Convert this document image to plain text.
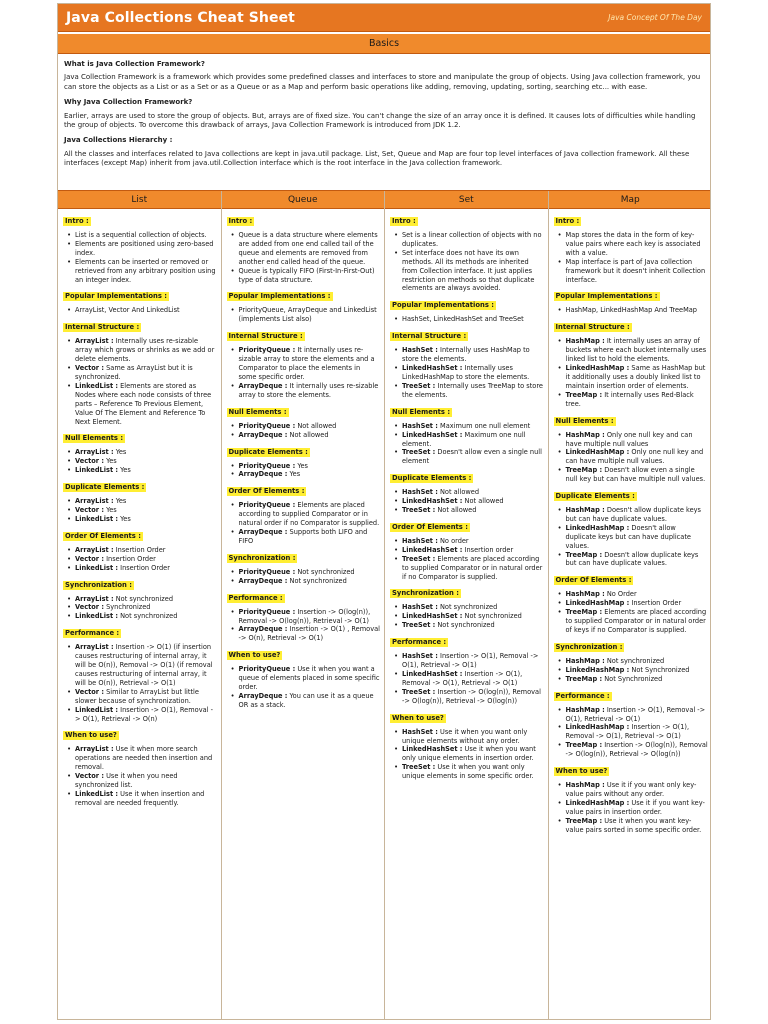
Java Collections Cheat Sheet	Java Concept Of The Day
Basics
What is Java Collection Framework?

Java Collection Framework is a framework which provides some predefined classes and interfaces to store and manipulate the group of objects. Using Java collection framework, you can store the objects as a List or as a Set or as a Queue or as a Map and perform basic operations like adding, removing, updating, sorting, searching etc... with ease.

Why Java Collection Framework?

Earlier, arrays are used to store the group of objects. But, arrays are of fixed size. You can't change the size of an array once it is defined. It causes lots of difficulties while handling the group of objects. To overcome this drawback of arrays, Java Collection Framework is introduced from JDK 1.2.

Java Collections Hierarchy :

All the classes and interfaces related to Java collections are kept in java.util package. List, Set, Queue and Map are four top level interfaces of Java collection framework. All these interfaces (except Map) inherit from java.util.Collection interface which is the root interface in the Java collection framework.

List
Intro :
• List is a sequential collection of objects.
• Elements are positioned using zero-based index.
• Elements can be inserted or removed or retrieved from any arbitrary position using an integer index.
Popular Implementations :
• ArrayList, Vector And LinkedList
Internal Structure :
• ArrayList : Internally uses re-sizable array which grows or shrinks as we add or delete elements.
• Vector : Same as ArrayList but it is synchronized.
• LinkedList : Elements are stored as Nodes where each node consists of three parts – Reference To Previous Element, Value Of The Element and Reference To Next Element.
Null Elements :
• ArrayList : Yes
• Vector : Yes
• LinkedList : Yes
Duplicate Elements :
• ArrayList : Yes
• Vector : Yes
• LinkedList : Yes
Order Of Elements :
• ArrayList : Insertion Order
• Vector : Insertion Order
• LinkedList : Insertion Order
Synchronization :
• ArrayList : Not synchronized
• Vector : Synchronized
• LinkedList : Not synchronized
Performance :
• ArrayList : Insertion -> O(1) (if insertion causes restructuring of internal array, it will be O(n)), Removal -> O(1) (if removal causes restructuring of internal array, it will be O(n)), Retrieval -> O(1)
• Vector : Similar to ArrayList but little slower because of synchronization.
• LinkedList : Insertion -> O(1), Removal -> O(1), Retrieval -> O(n)
When to use?
• ArrayList : Use it when more search operations are needed then insertion and removal.
• Vector : Use it when you need synchronized list.
• LinkedList : Use it when insertion and removal are needed frequently.
Queue
Intro :
• Queue is a data structure where elements are added from one end called tail of the queue and elements are removed from another end called head of the queue.
• Queue is typically FIFO (First-In-First-Out) type of data structure.
Popular Implementations :
• PriorityQueue, ArrayDeque and LinkedList (implements List also)
Internal Structure :
• PriorityQueue : It internally uses re-sizable array to store the elements and a Comparator to place the elements in some specific order.
• ArrayDeque : It internally uses re-sizable array to store the elements.
Null Elements :
• PriorityQueue : Not allowed
• ArrayDeque : Not allowed
Duplicate Elements :
• PriorityQueue : Yes
• ArrayDeque : Yes
Order Of Elements :
• PriorityQueue : Elements are placed according to supplied Comparator or in natural order if no Comparator is supplied.
• ArrayDeque : Supports both LIFO and FIFO
Synchronization :
• PriorityQueue : Not synchronized
• ArrayDeque : Not synchronized
Performance :
• PriorityQueue : Insertion -> O(log(n)), Removal -> O(log(n)), Retrieval -> O(1)
• ArrayDeque : Insertion -> O(1) , Removal -> O(n), Retrieval -> O(1)
When to use?
• PriorityQueue : Use it when you want a queue of elements placed in some specific order.
• ArrayDeque : You can use it as a queue OR as a stack.
Set
Intro :
• Set is a linear collection of objects with no duplicates.
• Set interface does not have its own methods. All its methods are inherited from Collection interface. It just applies restriction on methods so that duplicate elements are always avoided.
Popular Implementations :
• HashSet, LinkedHashSet and TreeSet
Internal Structure :
• HashSet : Internally uses HashMap to store the elements.
• LinkedHashSet : Internally uses LinkedHashMap to store the elements.
• TreeSet : Internally uses TreeMap to store the elements.
Null Elements :
• HashSet : Maximum one null element
• LinkedHashSet : Maximum one null element.
• TreeSet : Doesn't allow even a single null element
Duplicate Elements :
• HashSet : Not allowed
• LinkedHashSet : Not allowed
• TreeSet : Not allowed
Order Of Elements :
• HashSet : No order
• LinkedHashSet : Insertion order
• TreeSet : Elements are placed according to supplied Comparator or in natural order if no Comparator is supplied.
Synchronization :
• HashSet : Not synchronized
• LinkedHashSet : Not synchronized
• TreeSet : Not synchronized
Performance :
• HashSet : Insertion -> O(1), Removal -> O(1), Retrieval -> O(1)
• LinkedHashSet : Insertion -> O(1), Removal -> O(1), Retrieval -> O(1)
• TreeSet : Insertion -> O(log(n)), Removal -> O(log(n)), Retrieval -> O(log(n))
When to use?
• HashSet : Use it when you want only unique elements without any order.
• LinkedHashSet : Use it when you want only unique elements in insertion order.
• TreeSet : Use it when you want only unique elements in some specific order.
Map
Intro :
• Map stores the data in the form of key-value pairs where each key is associated with a value.
• Map interface is part of Java collection framework but it doesn't inherit Collection interface.
Popular Implementations :
• HashMap, LinkedHashMap And TreeMap
Internal Structure :
• HashMap : It internally uses an array of buckets where each bucket internally uses linked list to hold the elements.
• LinkedHashMap : Same as HashMap but it additionally uses a doubly linked list to maintain insertion order of elements.
• TreeMap : It internally uses Red-Black tree.
Null Elements :
• HashMap : Only one null key and can have multiple null values
• LinkedHashMap : Only one null key and can have multiple null values.
• TreeMap : Doesn't allow even a single null key but can have multiple null values.
Duplicate Elements :
• HashMap : Doesn't allow duplicate keys but can have duplicate values.
• LinkedHashMap : Doesn't allow duplicate keys but can have duplicate values.
• TreeMap : Doesn't allow duplicate keys but can have duplicate values.
Order Of Elements :
• HashMap : No Order
• LinkedHashMap : Insertion Order
• TreeMap : Elements are placed according to supplied Comparator or in natural order of keys if no Comparator is supplied.
Synchronization :
• HashMap : Not synchronized
• LinkedHashMap : Not Synchronized
• TreeMap : Not Synchronized
Performance :
• HashMap : Insertion -> O(1), Removal -> O(1), Retrieval -> O(1)
• LinkedHashMap : Insertion -> O(1), Removal -> O(1), Retrieval -> O(1)
• TreeMap : Insertion -> O(log(n)), Removal -> O(log(n)), Retrieval -> O(log(n))
When to use?
• HashMap : Use it if you want only key-value pairs without any order.
• LinkedHashMap : Use it if you want key-value pairs in insertion order.
• TreeMap : Use it when you want key-value pairs sorted in some specific order.
